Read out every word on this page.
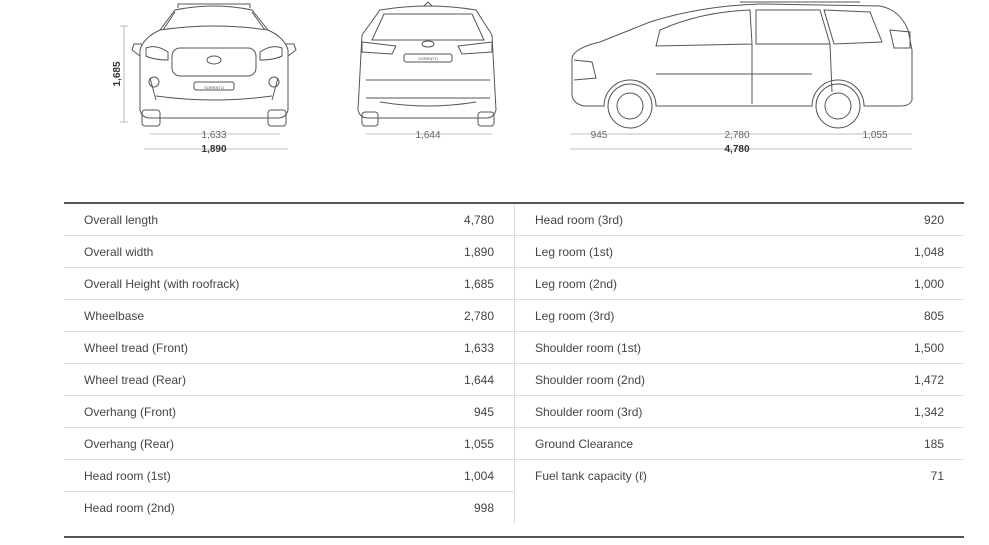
1,685
1,633
1,890
1,644	945	2,780	1,055
4,780
SORENTO
SORENTO
Overall length	4,780
Overall width	1,890
Overall Height (with roofrack)	1,685
Wheelbase	2,780
Wheel tread (Front)	1,633
Wheel tread (Rear)	1,644
Overhang (Front)	945
Overhang (Rear)	1,055
Head room (1st)	1,004
Head room (2nd)	998
Head room (3rd)	920
Leg room (1st)	1,048
Leg room (2nd)	1,000
Leg room (3rd)	805
Shoulder room (1st)	1,500
Shoulder room (2nd)	1,472
Shoulder room (3rd)	1,342
Ground Clearance	185
Fuel tank capacity (ℓ)	71
